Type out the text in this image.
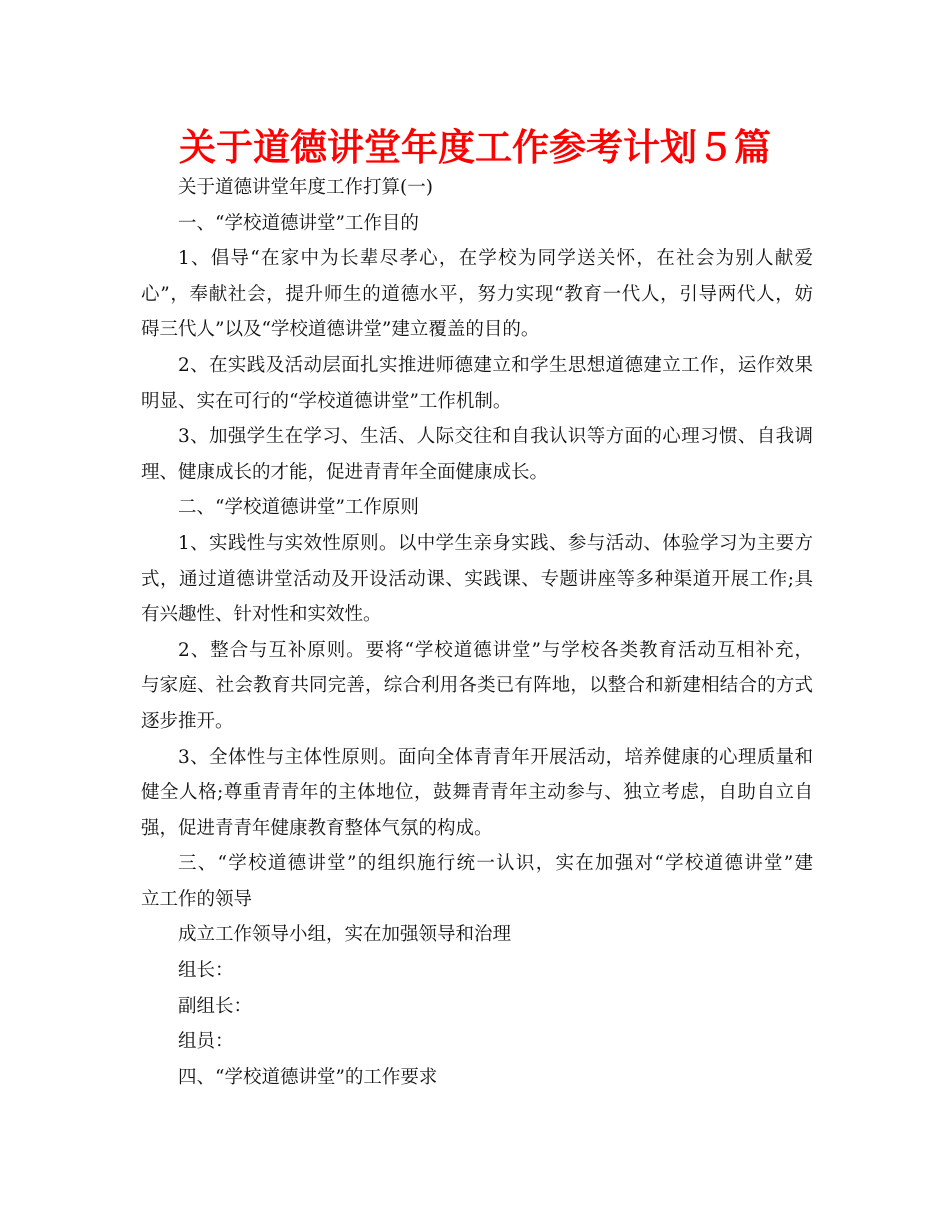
关于道德讲堂年度工作参考计划５篇
关于道德讲堂年度工作打算(一)
一、“学校道德讲堂”工作目的
1、倡导“在家中为长辈尽孝心，在学校为同学送关怀，在社会为别人献爱
心”，奉献社会，提升师生的道德水平，努力实现“教育一代人，引导两代人，妨
碍三代人”以及“学校道德讲堂”建立覆盖的目的。
2、在实践及活动层面扎实推进师德建立和学生思想道德建立工作，运作效果
明显、实在可行的“学校道德讲堂”工作机制。
3、加强学生在学习、生活、人际交往和自我认识等方面的心理习惯、自我调
理、健康成长的才能，促进青青年全面健康成长。
二、“学校道德讲堂”工作原则
1、实践性与实效性原则。以中学生亲身实践、参与活动、体验学习为主要方
式，通过道德讲堂活动及开设活动课、实践课、专题讲座等多种渠道开展工作;具
有兴趣性、针对性和实效性。
2、整合与互补原则。要将“学校道德讲堂”与学校各类教育活动互相补充，
与家庭、社会教育共同完善，综合利用各类已有阵地，以整合和新建相结合的方式
逐步推开。
3、全体性与主体性原则。面向全体青青年开展活动，培养健康的心理质量和
健全人格;尊重青青年的主体地位，鼓舞青青年主动参与、独立考虑，自助自立自
强，促进青青年健康教育整体气氛的构成。
三、“学校道德讲堂”的组织施行统一认识，实在加强对“学校道德讲堂”建
立工作的领导
成立工作领导小组，实在加强领导和治理
组长：
副组长：
组员：
四、“学校道德讲堂”的工作要求
